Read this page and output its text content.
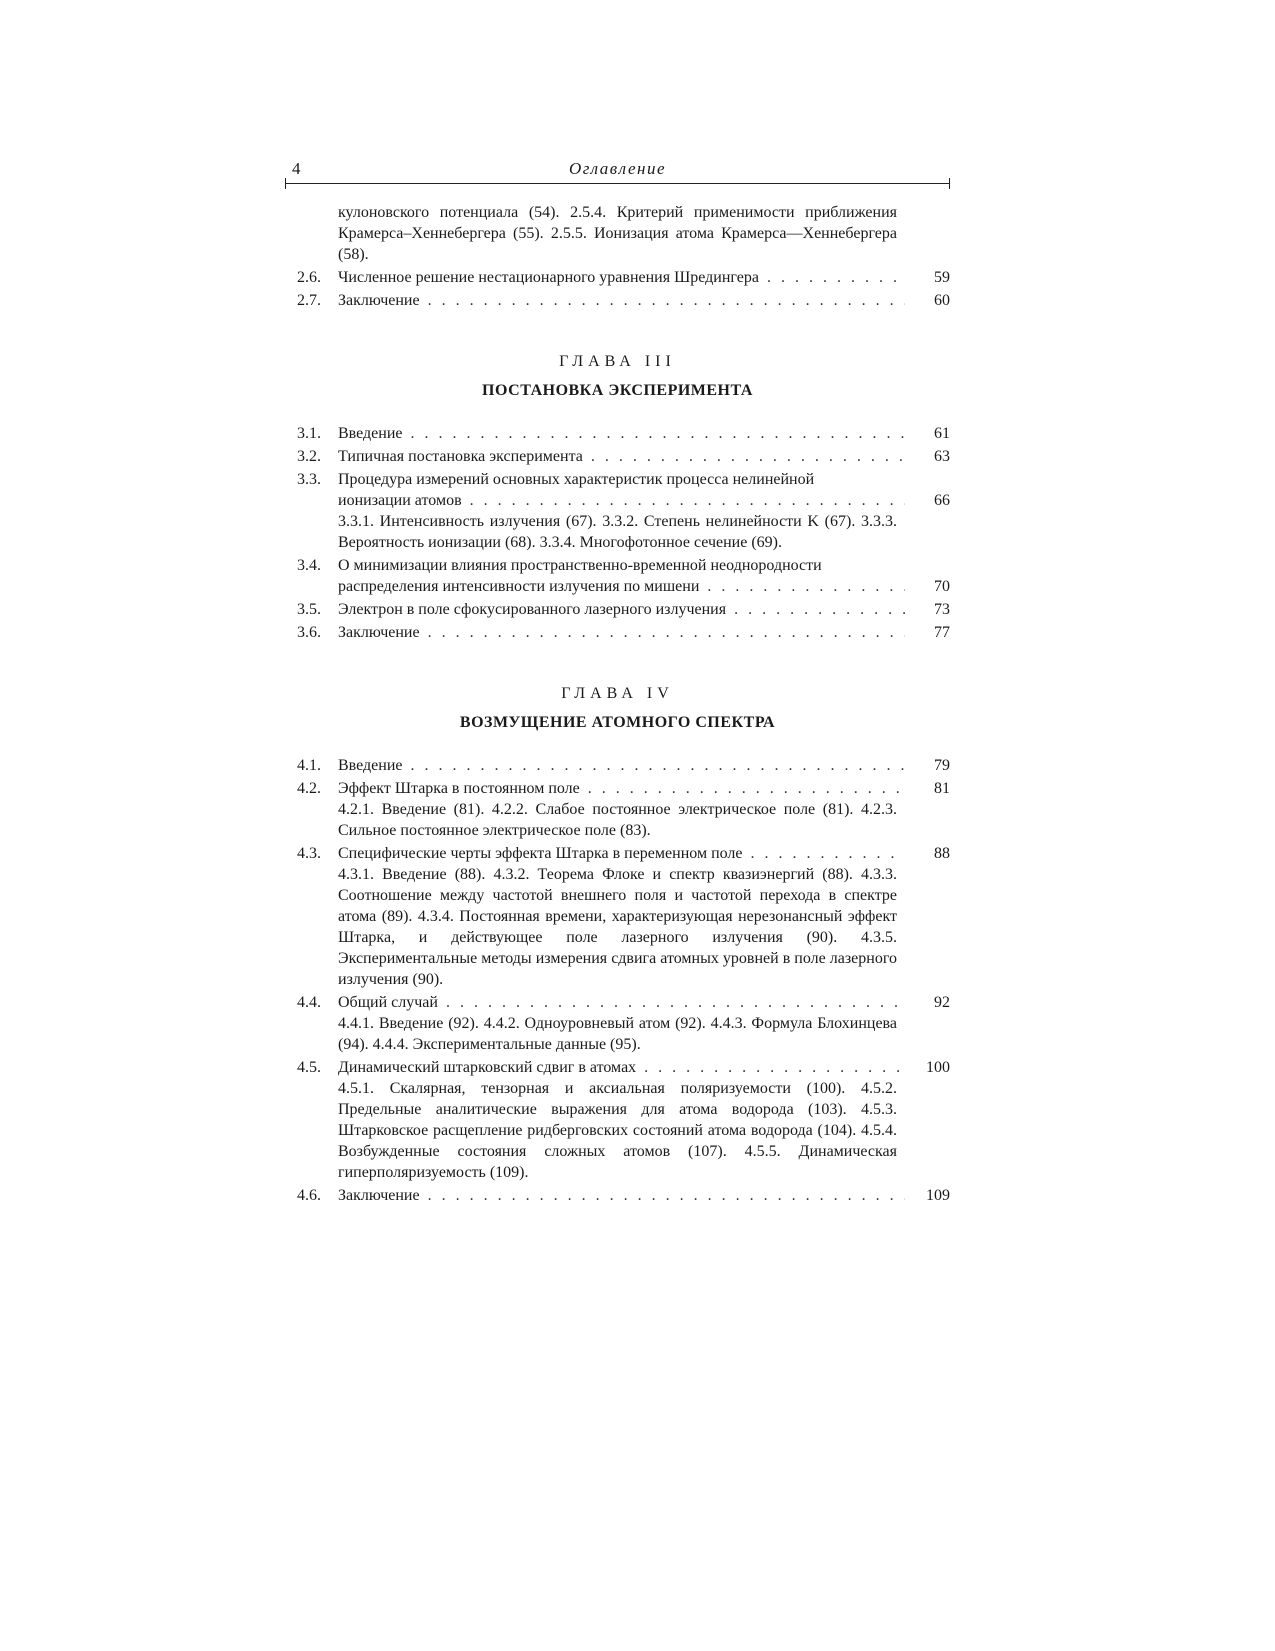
4	Оглавление
кулоновского потенциала (54). 2.5.4. Критерий применимости приближения Крамерса–Хеннебергера (55). 2.5.5. Ионизация атома Крамерса—Хеннебергера (58).
2.6.	Численное решение нестационарного уравнения Шредингера . . .	59
2.7.	Заключение . . .	60
ГЛАВА III
ПОСТАНОВКА ЭКСПЕРИМЕНТА
3.1.	Введение . . .	61
3.2.	Типичная постановка эксперимента . . .	63
3.3.	Процедура измерений основных характеристик процесса нелинейной
ионизации атомов . . .	66
3.3.1. Интенсивность излучения (67). 3.3.2. Степень нелинейности K (67). 3.3.3. Вероятность ионизации (68). 3.3.4. Многофотонное сечение (69).
3.4.	О минимизации влияния пространственно-временной неоднородности
распределения интенсивности излучения по мишени . . .	70
3.5.	Электрон в поле сфокусированного лазерного излучения . . .	73
3.6.	Заключение . . .	77
ГЛАВА IV
ВОЗМУЩЕНИЕ АТОМНОГО СПЕКТРА
4.1.	Введение . . .	79
4.2.	Эффект Штарка в постоянном поле . . .	81
4.2.1. Введение (81). 4.2.2. Слабое постоянное электрическое поле (81). 4.2.3. Сильное постоянное электрическое поле (83).
4.3.	Специфические черты эффекта Штарка в переменном поле . . .	88
4.3.1. Введение (88). 4.3.2. Теорема Флоке и спектр квазиэнергий (88). 4.3.3. Соотношение между частотой внешнего поля и частотой перехода в спектре атома (89). 4.3.4. Постоянная времени, характеризующая нерезонансный эффект Штарка, и действующее поле лазерного излучения (90). 4.3.5. Экспериментальные методы измерения сдвига атомных уровней в поле лазерного излучения (90).
4.4.	Общий случай . . .	92
4.4.1. Введение (92). 4.4.2. Одноуровневый атом (92). 4.4.3. Формула Блохинцева (94). 4.4.4. Экспериментальные данные (95).
4.5.	Динамический штарковский сдвиг в атомах . . .	100
4.5.1. Скалярная, тензорная и аксиальная поляризуемости (100). 4.5.2. Предельные аналитические выражения для атома водорода (103). 4.5.3. Штарковское расщепление ридберговских состояний атома водорода (104). 4.5.4. Возбужденные состояния сложных атомов (107). 4.5.5. Динамическая гиперполяризуемость (109).
4.6.	Заключение . . .	109
